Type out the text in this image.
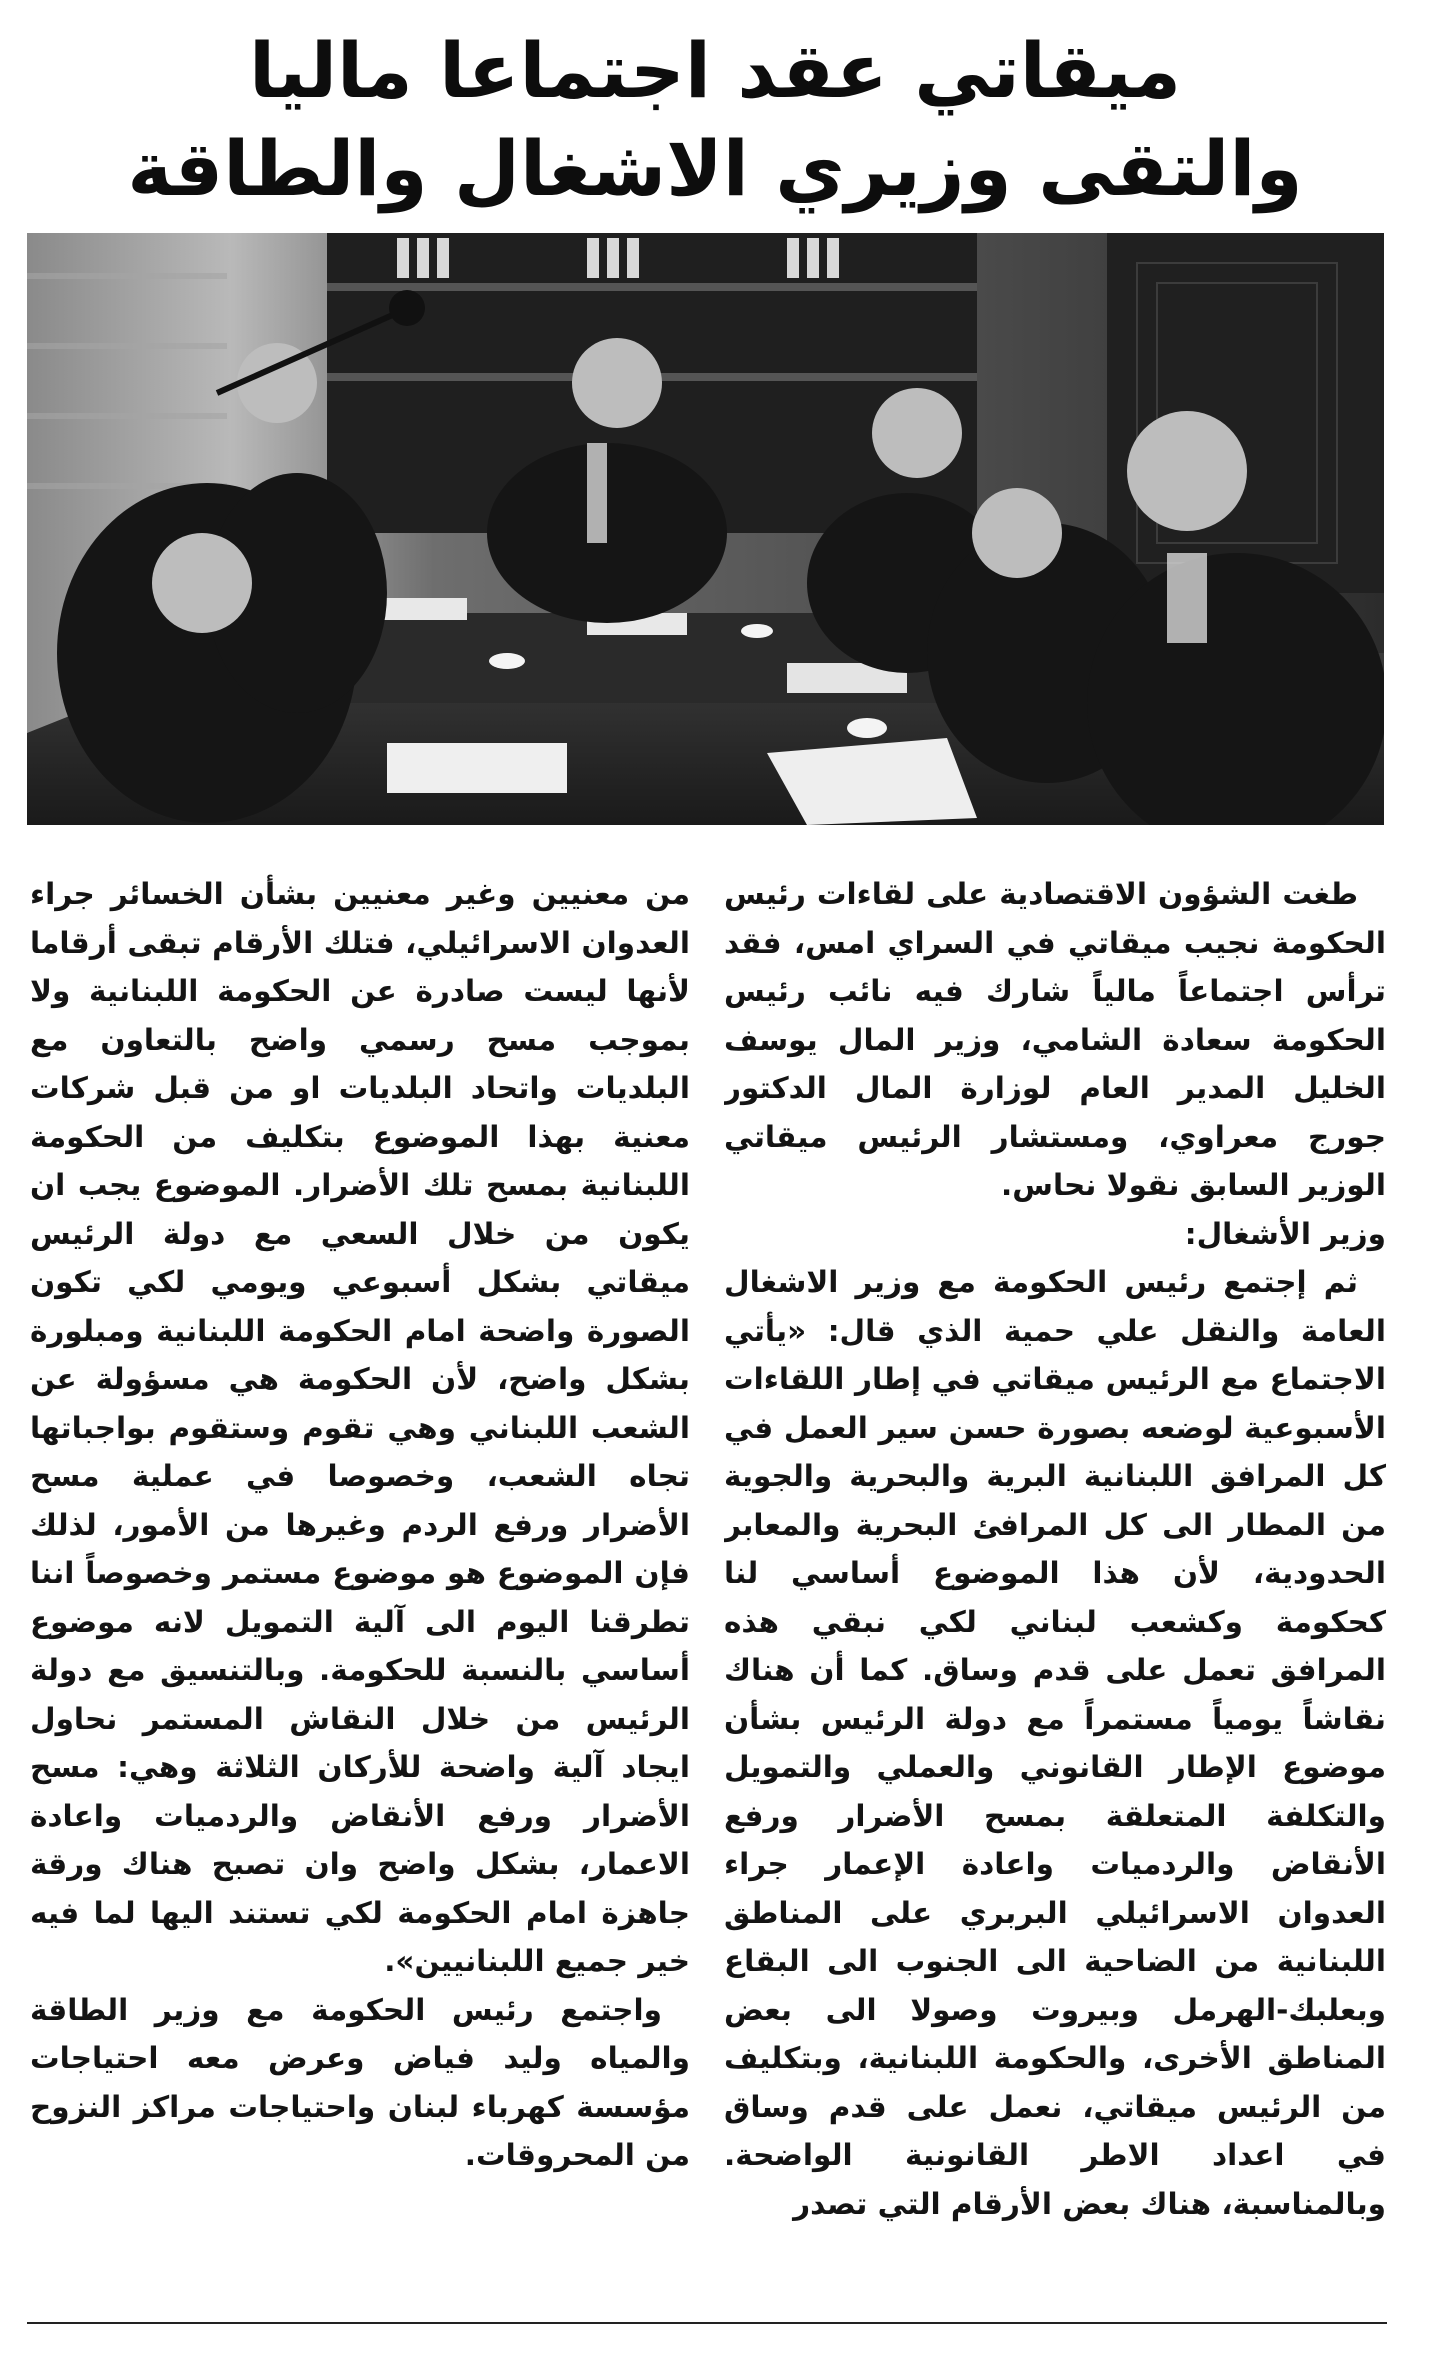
ميقاتي عقد اجتماعا ماليا
والتقى وزيري الاشغال والطاقة

طغت الشؤون الاقتصادية على لقاءات رئيس الحكومة نجيب ميقاتي في السراي امس، فقد ترأس اجتماعاً مالياً شارك فيه نائب رئيس الحكومة سعادة الشامي، وزير المال يوسف الخليل المدير العام لوزارة المال الدكتور جورج معراوي، ومستشار الرئيس ميقاتي الوزير السابق نقولا نحاس.

وزير الأشغال:

ثم إجتمع رئيس الحكومة مع وزير الاشغال العامة والنقل علي حمية الذي قال: «يأتي الاجتماع مع الرئيس ميقاتي في إطار اللقاءات الأسبوعية لوضعه بصورة حسن سير العمل في كل المرافق اللبنانية البرية والبحرية والجوية من المطار الى كل المرافئ البحرية والمعابر الحدودية، لأن هذا الموضوع أساسي لنا كحكومة وكشعب لبناني لكي نبقي هذه المرافق تعمل على قدم وساق. كما أن هناك نقاشاً يومياً مستمراً مع دولة الرئيس بشأن موضوع الإطار القانوني والعملي والتمويل والتكلفة المتعلقة بمسح الأضرار ورفع الأنقاض والردميات واعادة الإعمار جراء العدوان الاسرائيلي البربري على المناطق اللبنانية من الضاحية الى الجنوب الى البقاع وبعلبك-الهرمل وبيروت وصولا الى بعض المناطق الأخرى، والحكومة اللبنانية، وبتكليف من الرئيس ميقاتي، نعمل على قدم وساق في اعداد الاطر القانونية الواضحة. وبالمناسبة، هناك بعض الأرقام التي تصدر

من معنيين وغير معنيين بشأن الخسائر جراء العدوان الاسرائيلي، فتلك الأرقام تبقى أرقاما لأنها ليست صادرة عن الحكومة اللبنانية ولا بموجب مسح رسمي واضح بالتعاون مع البلديات واتحاد البلديات او من قبل شركات معنية بهذا الموضوع بتكليف من الحكومة اللبنانية بمسح تلك الأضرار. الموضوع يجب ان يكون من خلال السعي مع دولة الرئيس ميقاتي بشكل أسبوعي ويومي لكي تكون الصورة واضحة امام الحكومة اللبنانية ومبلورة بشكل واضح، لأن الحكومة هي مسؤولة عن الشعب اللبناني وهي تقوم وستقوم بواجباتها تجاه الشعب، وخصوصا في عملية مسح الأضرار ورفع الردم وغيرها من الأمور، لذلك فإن الموضوع هو موضوع مستمر وخصوصاً اننا تطرقنا اليوم الى آلية التمويل لانه موضوع أساسي بالنسبة للحكومة. وبالتنسيق مع دولة الرئيس من خلال النقاش المستمر نحاول ايجاد آلية واضحة للأركان الثلاثة وهي: مسح الأضرار ورفع الأنقاض والردميات واعادة الاعمار، بشكل واضح وان تصبح هناك ورقة جاهزة امام الحكومة لكي تستند اليها لما فيه خير جميع اللبنانيين».

واجتمع رئيس الحكومة مع وزير الطاقة والمياه وليد فياض وعرض معه احتياجات مؤسسة كهرباء لبنان واحتياجات مراكز النزوح من المحروقات.
